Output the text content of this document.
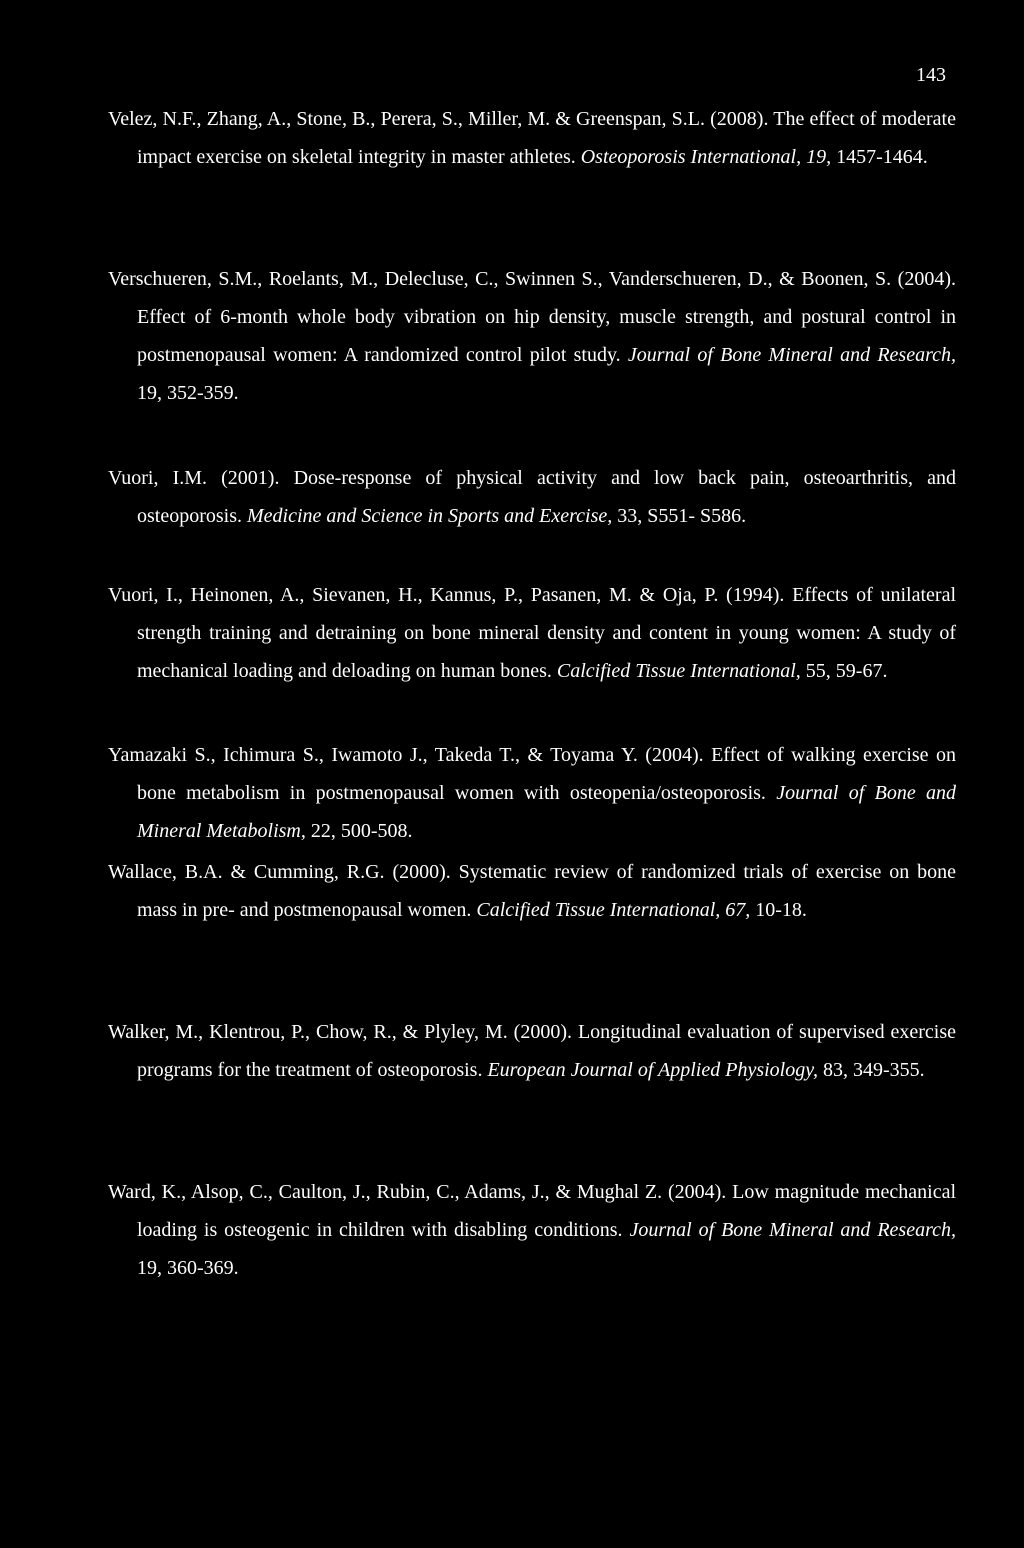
143

Velez, N.F., Zhang, A., Stone, B., Perera, S., Miller, M. & Greenspan, S.L. (2008). The effect of moderate impact exercise on skeletal integrity in master athletes. Osteoporosis International, 19, 1457-1464.

Verschueren, S.M., Roelants, M., Delecluse, C., Swinnen S., Vanderschueren, D., & Boonen, S. (2004). Effect of 6-month whole body vibration on hip density, muscle strength, and postural control in postmenopausal women: A randomized control pilot study. Journal of Bone Mineral and Research, 19, 352-359.

Vuori, I.M. (2001). Dose-response of physical activity and low back pain, osteoarthritis, and osteoporosis. Medicine and Science in Sports and Exercise, 33, S551- S586.

Vuori, I., Heinonen, A., Sievanen, H., Kannus, P., Pasanen, M. & Oja, P. (1994). Effects of unilateral strength training and detraining on bone mineral density and content in young women: A study of mechanical loading and deloading on human bones. Calcified Tissue International, 55, 59-67.

Yamazaki S., Ichimura S., Iwamoto J., Takeda T., & Toyama Y. (2004). Effect of walking exercise on bone metabolism in postmenopausal women with osteopenia/osteoporosis. Journal of Bone and Mineral Metabolism, 22, 500-508.

Wallace, B.A. & Cumming, R.G. (2000). Systematic review of randomized trials of exercise on bone mass in pre- and postmenopausal women. Calcified Tissue International, 67, 10-18.

Walker, M., Klentrou, P., Chow, R., & Plyley, M. (2000). Longitudinal evaluation of supervised exercise programs for the treatment of osteoporosis. European Journal of Applied Physiology, 83, 349-355.

Ward, K., Alsop, C., Caulton, J., Rubin, C., Adams, J., & Mughal Z. (2004). Low magnitude mechanical loading is osteogenic in children with disabling conditions. Journal of Bone Mineral and Research, 19, 360-369.
